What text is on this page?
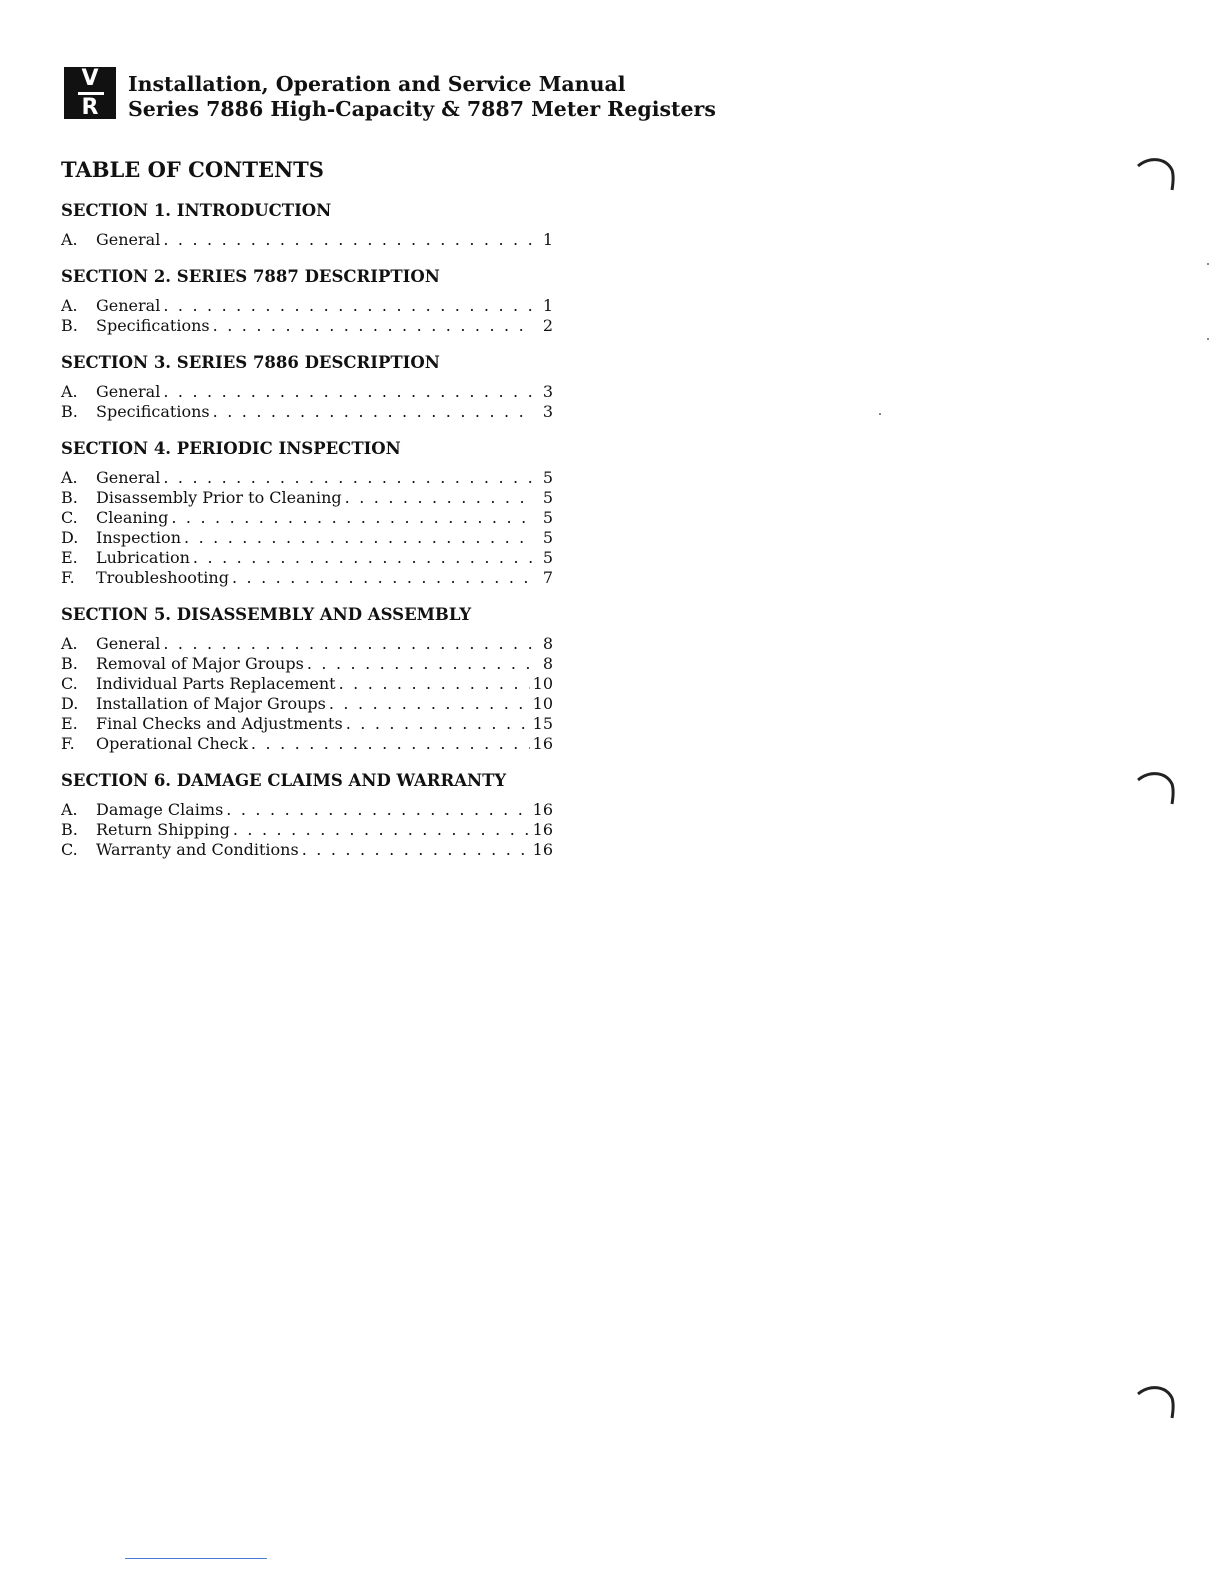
V
R
Installation, Operation and Service Manual
Series 7886 High-Capacity & 7887 Meter Registers
TABLE OF CONTENTS
SECTION 1. INTRODUCTION
A.	General . . .	1
SECTION 2. SERIES 7887 DESCRIPTION
A.	General . . .	1
B.	Specifications . . .	2
SECTION 3. SERIES 7886 DESCRIPTION
A.	General . . .	3
B.	Specifications . . .	3
SECTION 4. PERIODIC INSPECTION
A.	General . . .	5
B.	Disassembly Prior to Cleaning . . .	5
C.	Cleaning . . .	5
D.	Inspection . . .	5
E.	Lubrication . . .	5
F.	Troubleshooting . . .	7
SECTION 5. DISASSEMBLY AND ASSEMBLY
A.	General . . .	8
B.	Removal of Major Groups . . .	8
C.	Individual Parts Replacement . . .	10
D.	Installation of Major Groups . . .	10
E.	Final Checks and Adjustments . . .	15
F.	Operational Check . . .	16
SECTION 6. DAMAGE CLAIMS AND WARRANTY
A.	Damage Claims . . .	16
B.	Return Shipping . . .	16
C.	Warranty and Conditions . . .	16
